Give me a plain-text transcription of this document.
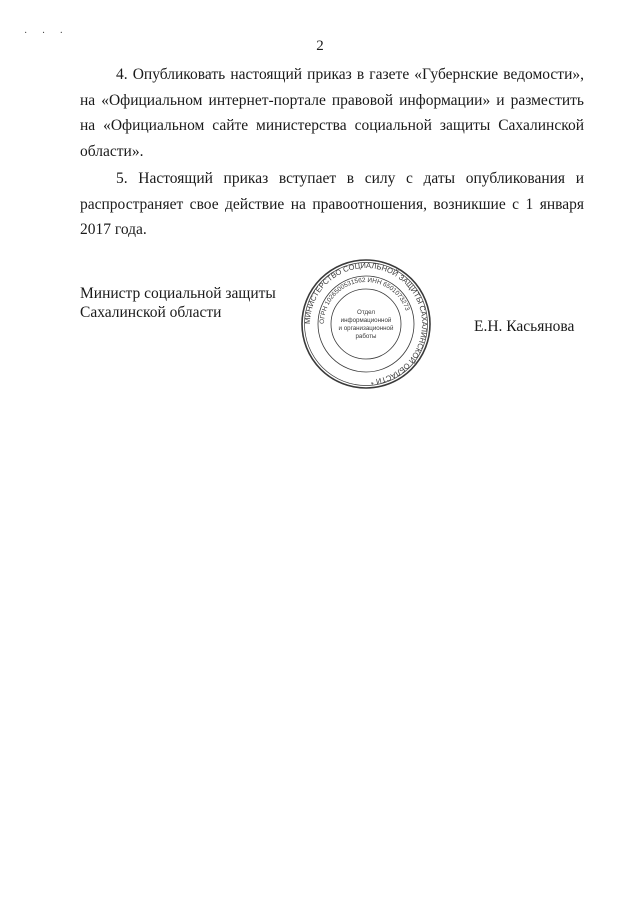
· · ·
2

4. Опубликовать настоящий приказ в газете «Губернские ведомости», на «Официальном интернет-портале правовой информации» и разместить на «Официальном сайте министерства социальной защиты Сахалинской области».

5. Настоящий приказ вступает в силу с даты опубликования и распространяет свое действие на правоотношения, возникшие с 1 января 2017 года.

Министр социальной защиты
Сахалинской области	МИНИСТЕРСТВО СОЦИАЛЬНОЙ ЗАЩИТЫ САХАЛИНСКОЙ ОБЛАСТИ *
ОГРН 1026500531562 ИНН 6501073273
Отдел
информационной
и организационной
работы
Е.Н. Касьянова
